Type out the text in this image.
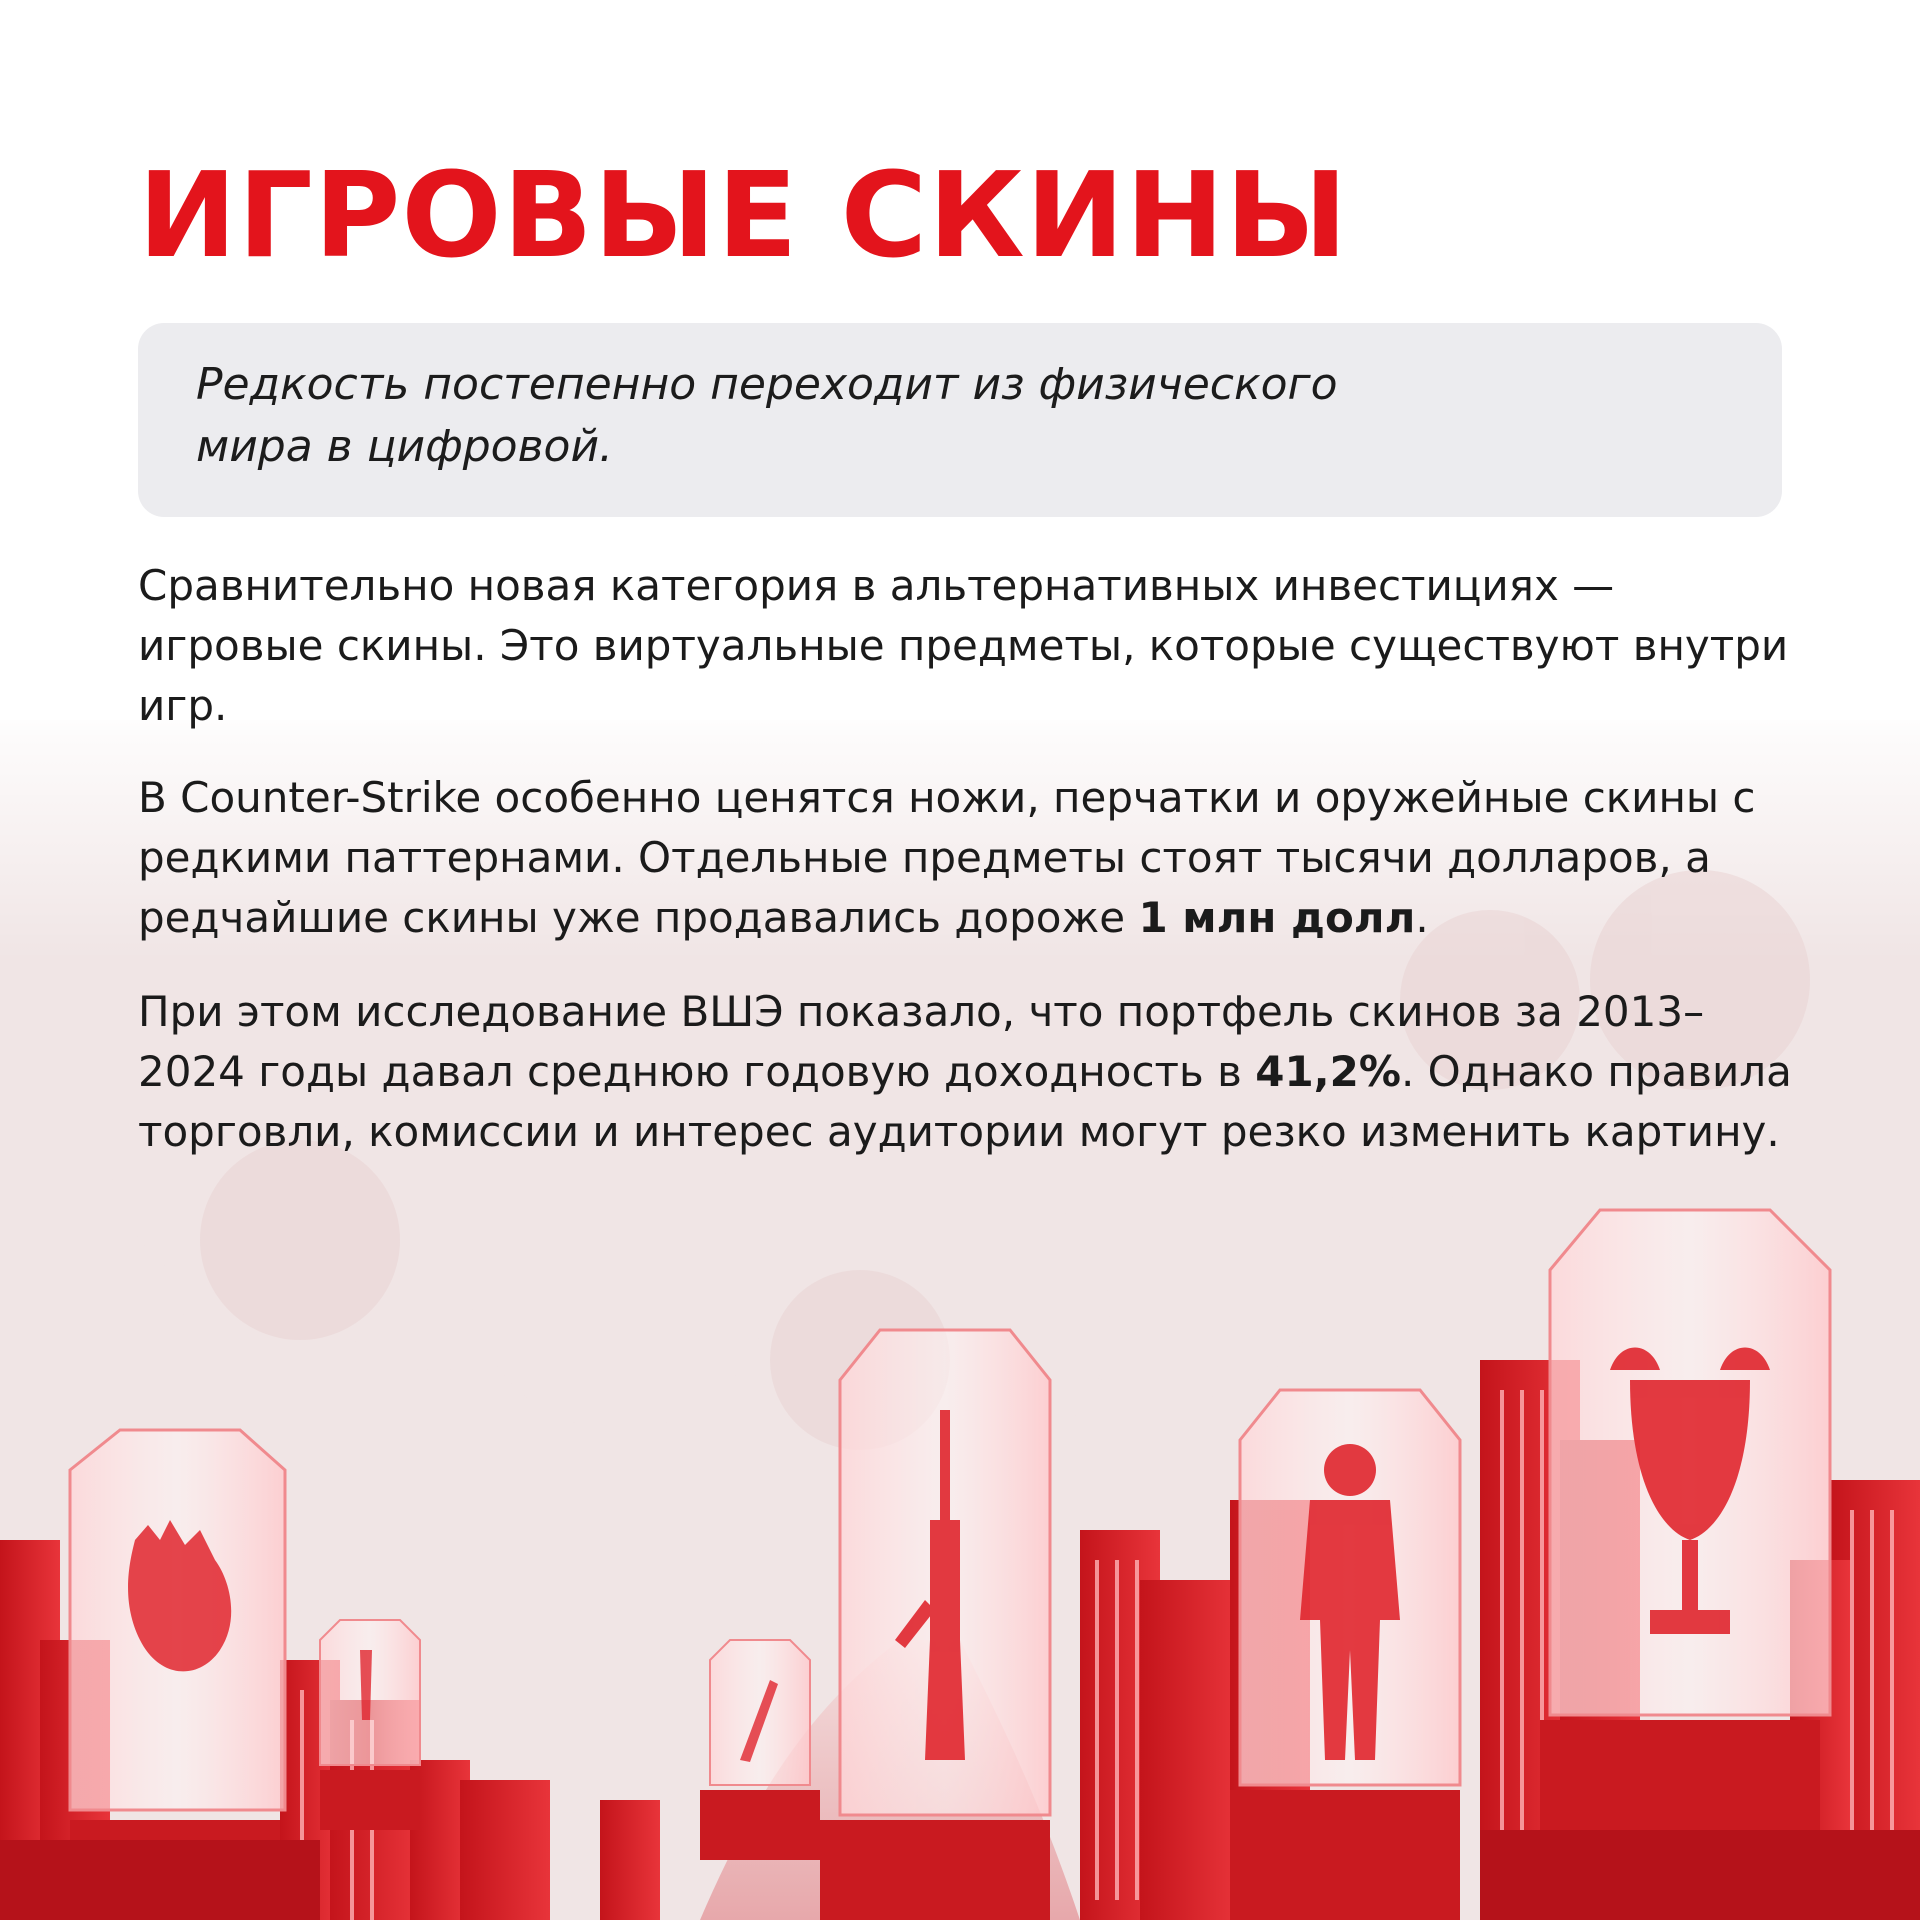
ИГРОВЫЕ СКИНЫ
Редкость постепенно переходит из физического
мира в цифровой.

Сравнительно новая категория в альтернативных инвестициях — игровые скины. Это виртуальные предметы, которые существуют внутри игр.

В Counter-Strike особенно ценятся ножи, перчатки и оружейные скины с редкими паттернами. Отдельные предметы стоят тысячи долларов, а редчайшие скины уже продавались дороже 1 млн долл.

При этом исследование ВШЭ показало, что портфель скинов за 2013–2024 годы давал среднюю годовую доходность в 41,2%. Однако правила торговли, комиссии и интерес аудитории могут резко изменить картину.
